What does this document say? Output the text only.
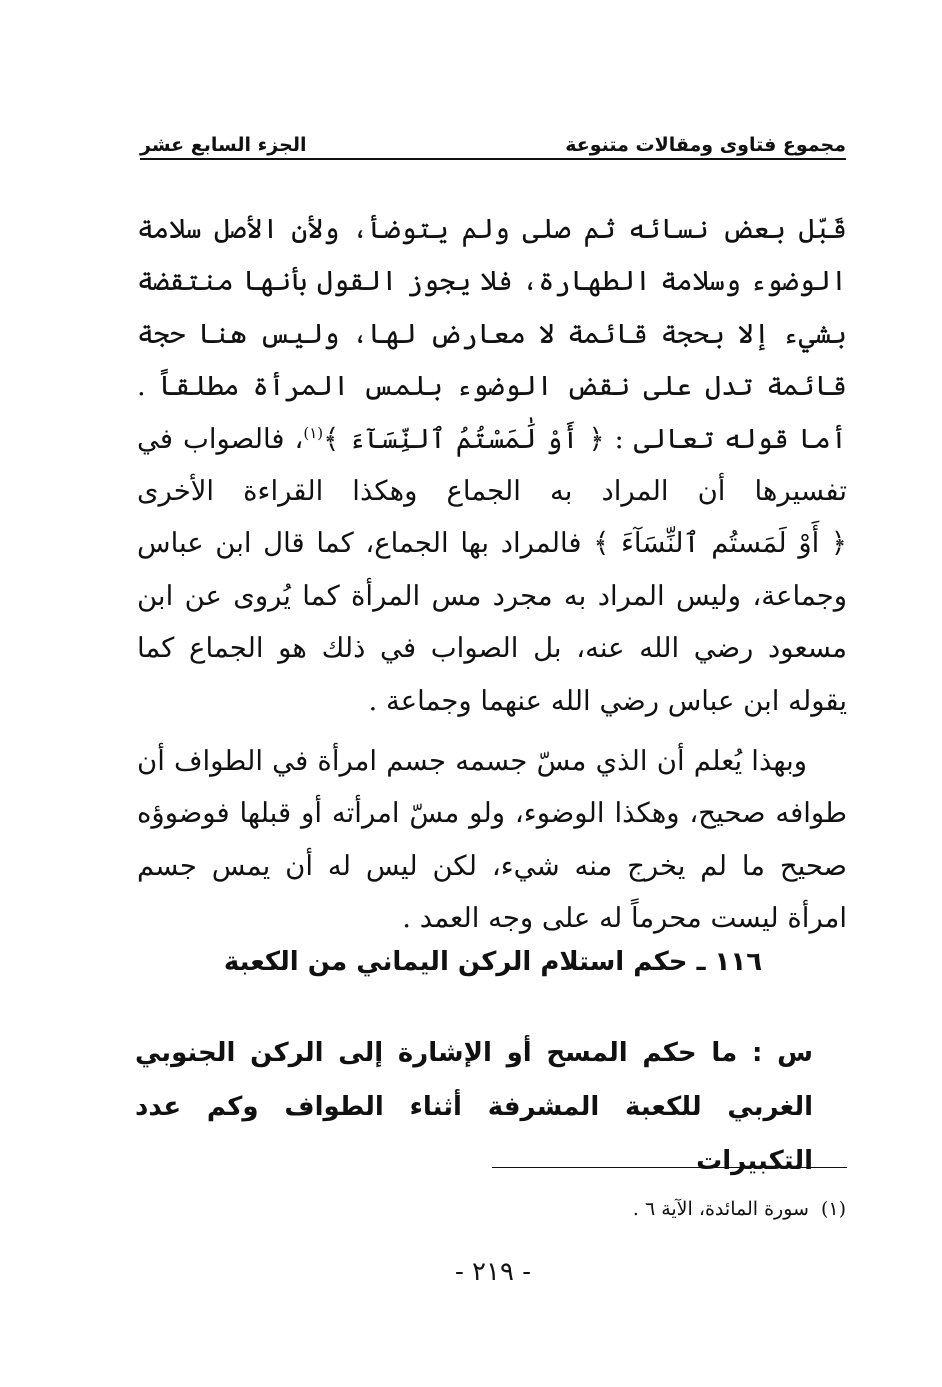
مجموع فتاوى ومقالات متنوعة
الجزء السابع عشر

قَبّل بعض نسائه ثم صلى ولم يتوضأ، ولأن الأصل سلامة الوضوء وسلامة الطهارة، فلا يجوز القول بأنها منتقضة بشيء إلا بحجة قائمة لا معارض لها، وليس هنا حجة قائمة تدل على نقض الوضوء بلمس المرأة مطلقاً . أما قوله تعالى : ﴿ أَوْ لَٰمَسْتُمُ ٱلنِّسَآءَ ﴾$^{(١)}$، فالصواب في تفسيرها أن المراد به الجماع وهكذا القراءة الأخرى ﴿ أَوْ لَمَستُم ٱلنِّسَآءَ ﴾ فالمراد بها الجماع، كما قال ابن عباس وجماعة، وليس المراد به مجرد مس المرأة كما يُروى عن ابن مسعود رضي الله عنه، بل الصواب في ذلك هو الجماع كما يقوله ابن عباس رضي الله عنهما وجماعة .

وبهذا يُعلم أن الذي مسّ جسمه جسم امرأة في الطواف أن طوافه صحيح، وهكذا الوضوء، ولو مسّ امرأته أو قبلها فوضوؤه صحيح ما لم يخرج منه شيء، لكن ليس له أن يمس جسم امرأة ليست محرماً له على وجه العمد .

١١٦ ـ حكم استلام الركن اليماني من الكعبة
س : ما حكم المسح أو الإشارة إلى الركن الجنوبي الغربي للكعبة المشرفة أثناء الطواف وكم عدد التكبيرات
(١)سورة المائدة، الآية ٦ .
- ٢١٩ -
